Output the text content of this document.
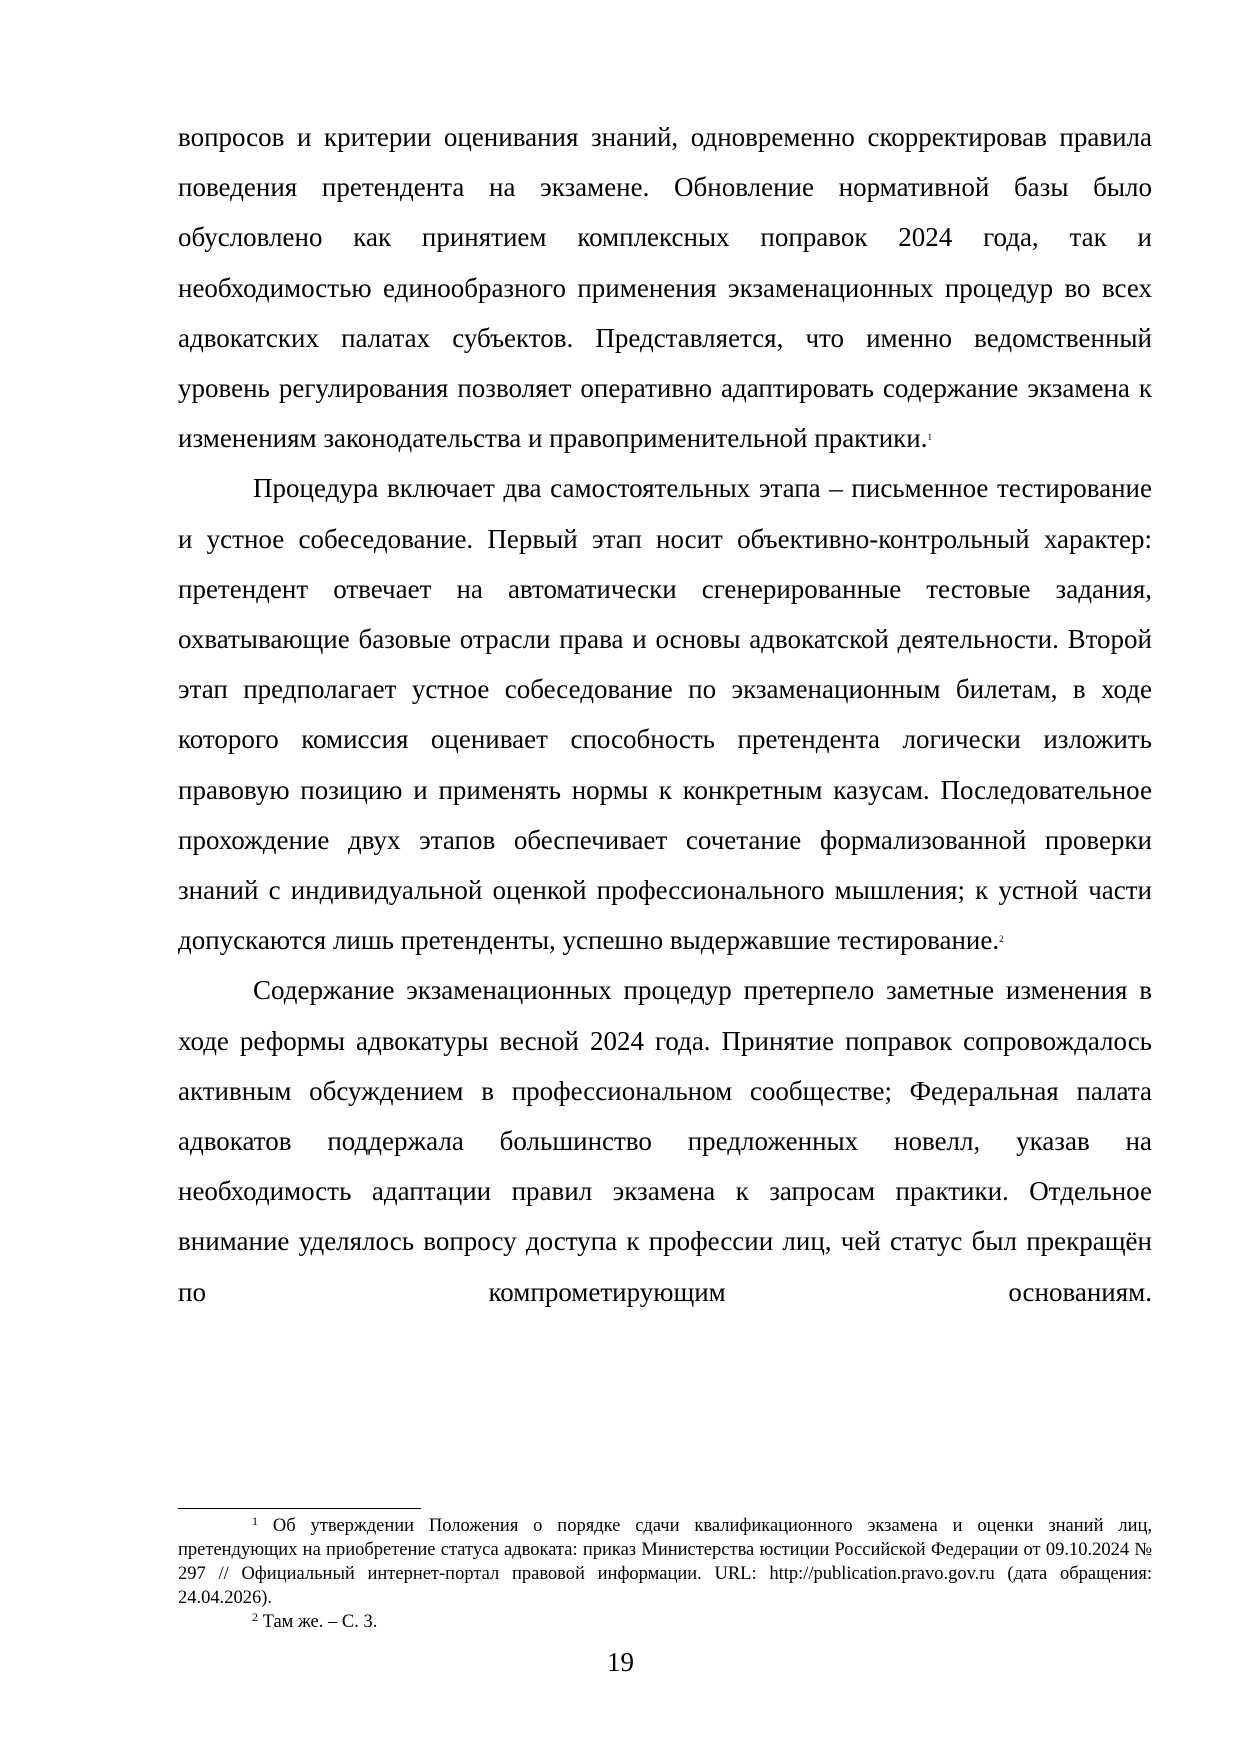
вопросов и критерии оценивания знаний, одновременно скорректировав правила поведения претендента на экзамене. Обновление нормативной базы было обусловлено как принятием комплексных поправок 2024 года, так и необходимостью единообразного применения экзаменационных процедур во всех адвокатских палатах субъектов. Представляется, что именно ведомственный уровень регулирования позволяет оперативно адаптировать содержание экзамена к изменениям законодательства и правоприменительной практики.$^1$

Процедура включает два самостоятельных этапа – письменное тестирование и устное собеседование. Первый этап носит объективно-контрольный характер: претендент отвечает на автоматически сгенерированные тестовые задания, охватывающие базовые отрасли права и основы адвокатской деятельности. Второй этап предполагает устное собеседование по экзаменационным билетам, в ходе которого комиссия оценивает способность претендента логически изложить правовую позицию и применять нормы к конкретным казусам. Последовательное прохождение двух этапов обеспечивает сочетание формализованной проверки знаний с индивидуальной оценкой профессионального мышления; к устной части допускаются лишь претенденты, успешно выдержавшие тестирование.$^2$

Содержание экзаменационных процедур претерпело заметные изменения в ходе реформы адвокатуры весной 2024 года. Принятие поправок сопровождалось активным обсуждением в профессиональном сообществе; Федеральная палата адвокатов поддержала большинство предложенных новелл, указав на необходимость адаптации правил экзамена к запросам практики. Отдельное внимание уделялось вопросу доступа к профессии лиц, чей статус был прекращён по компрометирующим основаниям.

$^1$ Об утверждении Положения о порядке сдачи квалификационного экзамена и оценки знаний лиц, претендующих на приобретение статуса адвоката: приказ Министерства юстиции Российской Федерации от 09.10.2024 № 297 // Официальный интернет-портал правовой информации. URL: http://publication.pravo.gov.ru (дата обращения: 24.04.2026).

$^2$ Там же. – С. 3.

19
